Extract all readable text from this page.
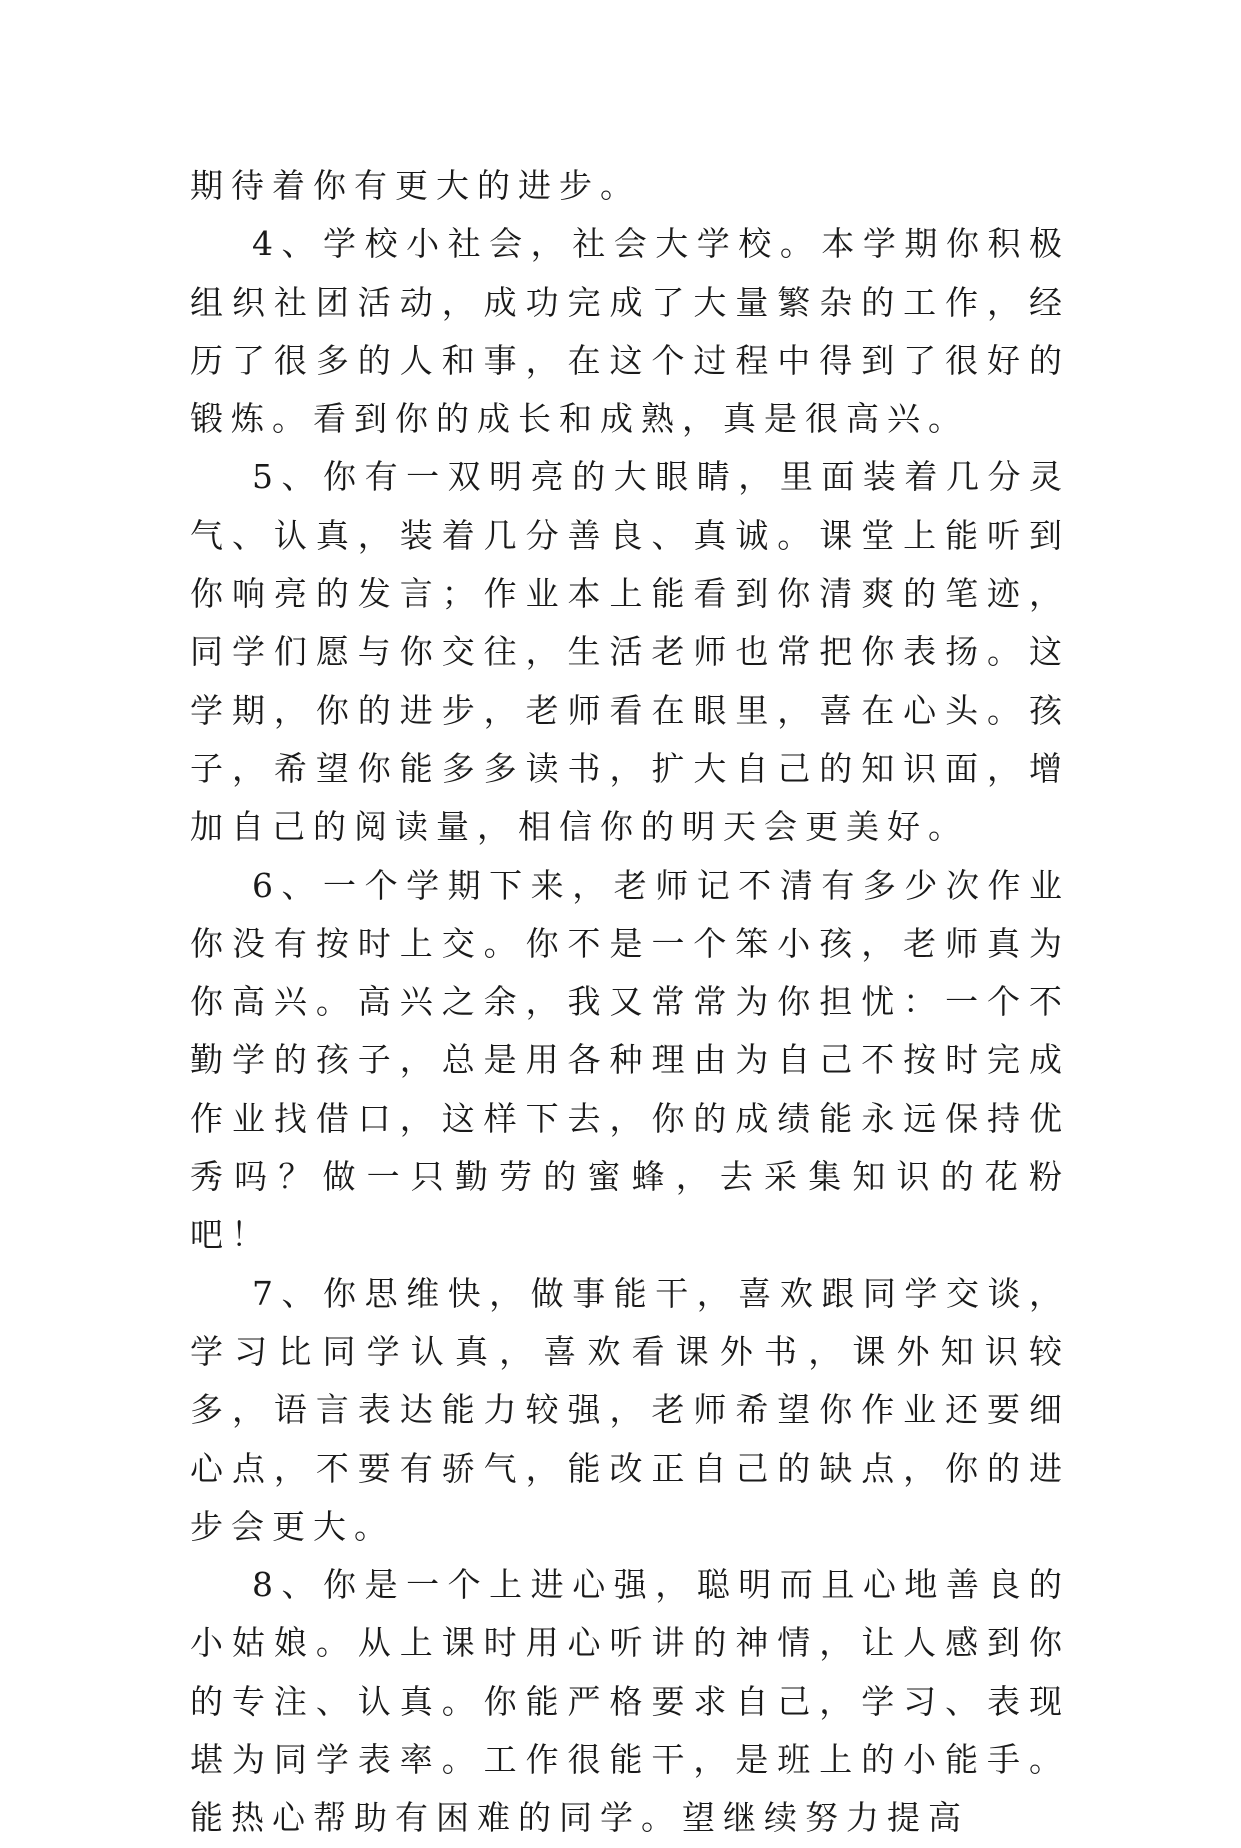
期待着你有更大的进步。

4、学校小社会，社会大学校。本学期你积极组织社团活动，成功完成了大量繁杂的工作，经历了很多的人和事，在这个过程中得到了很好的锻炼。看到你的成长和成熟，真是很高兴。

5、你有一双明亮的大眼睛，里面装着几分灵气、认真，装着几分善良、真诚。课堂上能听到你响亮的发言；作业本上能看到你清爽的笔迹，同学们愿与你交往，生活老师也常把你表扬。这学期，你的进步，老师看在眼里，喜在心头。孩子，希望你能多多读书，扩大自己的知识面，增加自己的阅读量，相信你的明天会更美好。

6、一个学期下来，老师记不清有多少次作业你没有按时上交。你不是一个笨小孩，老师真为你高兴。高兴之余，我又常常为你担忧：一个不勤学的孩子，总是用各种理由为自己不按时完成作业找借口，这样下去，你的成绩能永远保持优秀吗？做一只勤劳的蜜蜂，去采集知识的花粉吧！

7、你思维快，做事能干，喜欢跟同学交谈，学习比同学认真，喜欢看课外书，课外知识较多，语言表达能力较强，老师希望你作业还要细心点，不要有骄气，能改正自己的缺点，你的进步会更大。

8、你是一个上进心强，聪明而且心地善良的小姑娘。从上课时用心听讲的神情，让人感到你的专注、认真。你能严格要求自己，学习、表现堪为同学表率。工作很能干，是班上的小能手。能热心帮助有困难的同学。望继续努力提高
